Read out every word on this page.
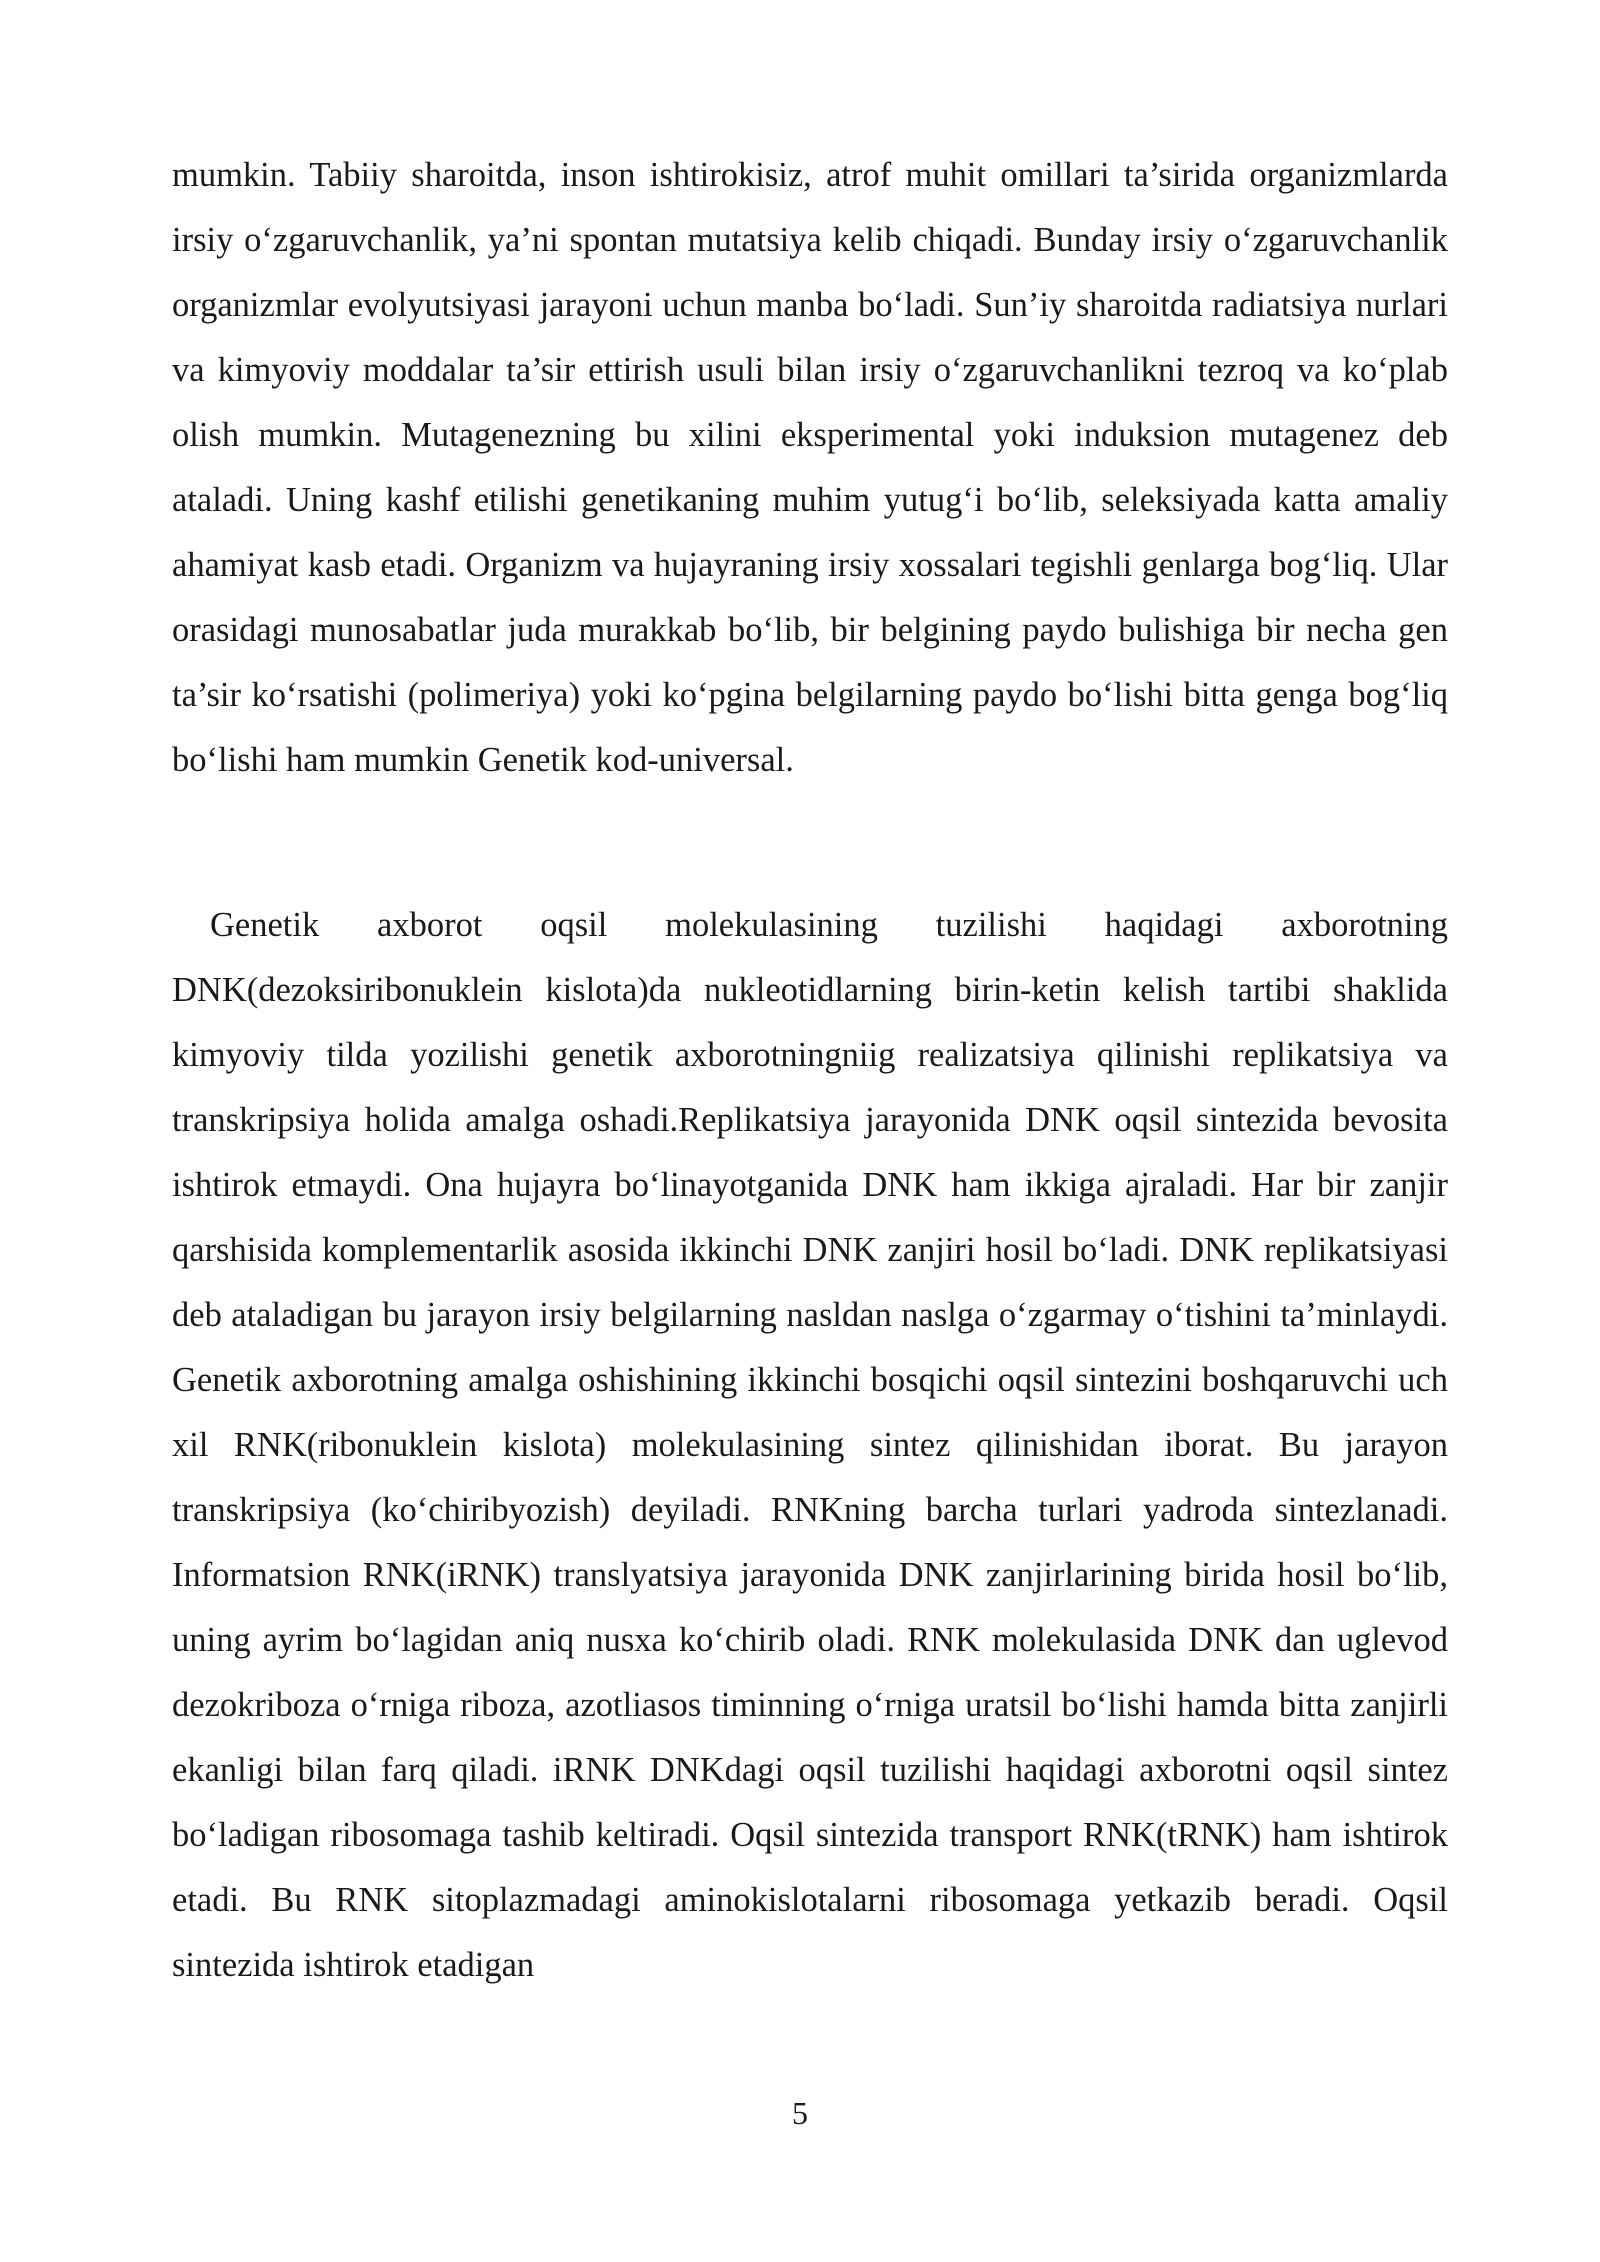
mumkin. Tabiiy sharoitda, inson ishtirokisiz, atrof muhit omillari ta’sirida organizmlarda irsiy o‘zgaruvchanlik, ya’ni spontan mutatsiya kelib chiqadi. Bunday irsiy o‘zgaruvchanlik organizmlar evolyutsiyasi jarayoni uchun manba bo‘ladi. Sun’iy sharoitda radiatsiya nurlari va kimyoviy moddalar ta’sir ettirish usuli bilan irsiy o‘zgaruvchanlikni tezroq va ko‘plab olish mumkin. Mutagenezning bu xilini eksperimental yoki induksion mutagenez deb ataladi. Uning kashf etilishi genetikaning muhim yutug‘i bo‘lib, seleksiyada katta amaliy ahamiyat kasb etadi. Organizm va hujayraning irsiy xossalari tegishli genlarga bog‘liq. Ular orasidagi munosabatlar juda murakkab bo‘lib, bir belgining paydo bulishiga bir necha gen ta’sir ko‘rsatishi (polimeriya) yoki ko‘pgina belgilarning paydo bo‘lishi bitta genga bog‘liq bo‘lishi ham mumkin Genetik kod-universal.

Genetik axborot oqsil molekulasining tuzilishi haqidagi axborotning DNK(dezoksiribonuklein kislota)da nukleotidlarning birin-ketin kelish tartibi shaklida kimyoviy tilda yozilishi genetik axborotningniig realizatsiya qilinishi replikatsiya va transkripsiya holida amalga oshadi.Replikatsiya jarayonida DNK oqsil sintezida bevosita ishtirok etmaydi. Ona hujayra bo‘linayotganida DNK ham ikkiga ajraladi. Har bir zanjir qarshisida komplementarlik asosida ikkinchi DNK zanjiri hosil bo‘ladi. DNK replikatsiyasi deb ataladigan bu jarayon irsiy belgilarning nasldan naslga o‘zgarmay o‘tishini ta’minlaydi. Genetik axborotning amalga oshishining ikkinchi bosqichi oqsil sintezini boshqaruvchi uch xil RNK(ribonuklein kislota) molekulasining sintez qilinishidan iborat. Bu jarayon transkripsiya (ko‘chiribyozish) deyiladi. RNKning barcha turlari yadroda sintezlanadi. Informatsion RNK(iRNK) translyatsiya jarayonida DNK zanjirlarining birida hosil bo‘lib, uning ayrim bo‘lagidan aniq nusxa ko‘chirib oladi. RNK molekulasida DNK dan uglevod dezokriboza o‘rniga riboza, azotliasos timinning o‘rniga uratsil bo‘lishi hamda bitta zanjirli ekanligi bilan farq qiladi. iRNK DNKdagi oqsil tuzilishi haqidagi axborotni oqsil sintez bo‘ladigan ribosomaga tashib keltiradi. Oqsil sintezida transport RNK(tRNK) ham ishtirok etadi. Bu RNK sitoplazmadagi aminokislotalarni ribosomaga yetkazib beradi. Oqsil sintezida ishtirok etadigan

5
